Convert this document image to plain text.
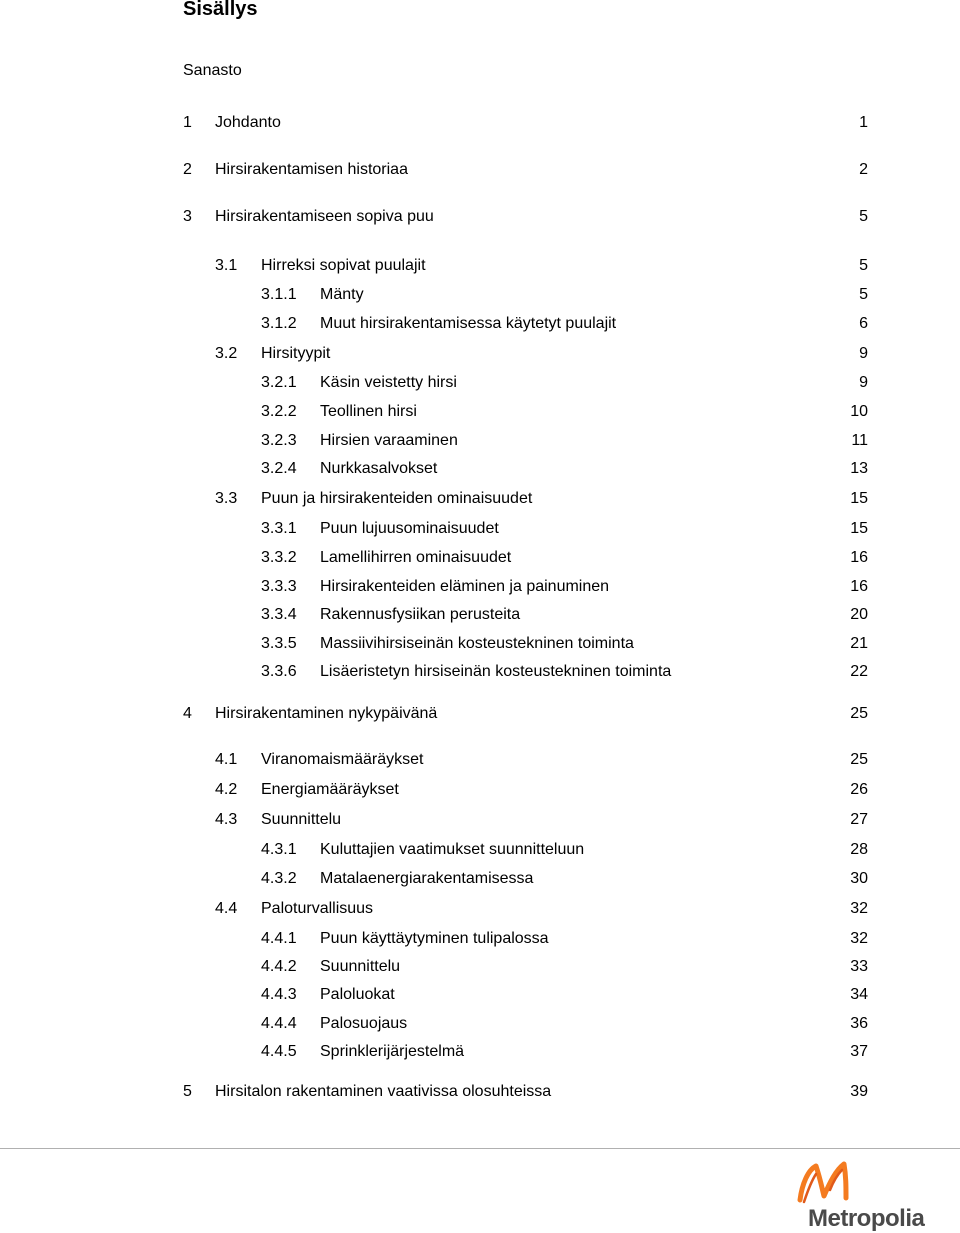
Sisällys
Sanasto
1 Johdanto	1
2 Hirsirakentamisen historiaa	2
3 Hirsirakentamiseen sopiva puu	5
3.1 Hirreksi sopivat puulajit	5
3.1.1 Mänty	5
3.1.2 Muut hirsirakentamisessa käytetyt puulajit	6
3.2 Hirsityypit	9
3.2.1 Käsin veistetty hirsi	9
3.2.2 Teollinen hirsi	10
3.2.3 Hirsien varaaminen	11
3.2.4 Nurkkasalvokset	13
3.3 Puun ja hirsirakenteiden ominaisuudet	15
3.3.1 Puun lujuusominaisuudet	15
3.3.2 Lamellihirren ominaisuudet	16
3.3.3 Hirsirakenteiden eläminen ja painuminen	16
3.3.4 Rakennusfysiikan perusteita	20
3.3.5 Massiivihirsiseinän kosteustekninen toiminta	21
3.3.6 Lisäeristetyn hirsiseinän kosteustekninen toiminta	22
4 Hirsirakentaminen nykypäivänä	25
4.1 Viranomaismääräykset	25
4.2 Energiamääräykset	26
4.3 Suunnittelu	27
4.3.1 Kuluttajien vaatimukset suunnitteluun	28
4.3.2 Matalaenergiarakentamisessa	30
4.4 Paloturvallisuus	32
4.4.1 Puun käyttäytyminen tulipalossa	32
4.4.2 Suunnittelu	33
4.4.3 Paloluokat	34
4.4.4 Palosuojaus	36
4.4.5 Sprinklerijärjestelmä	37
5 Hirsitalon rakentaminen vaativissa olosuhteissa	39
Metropolia
